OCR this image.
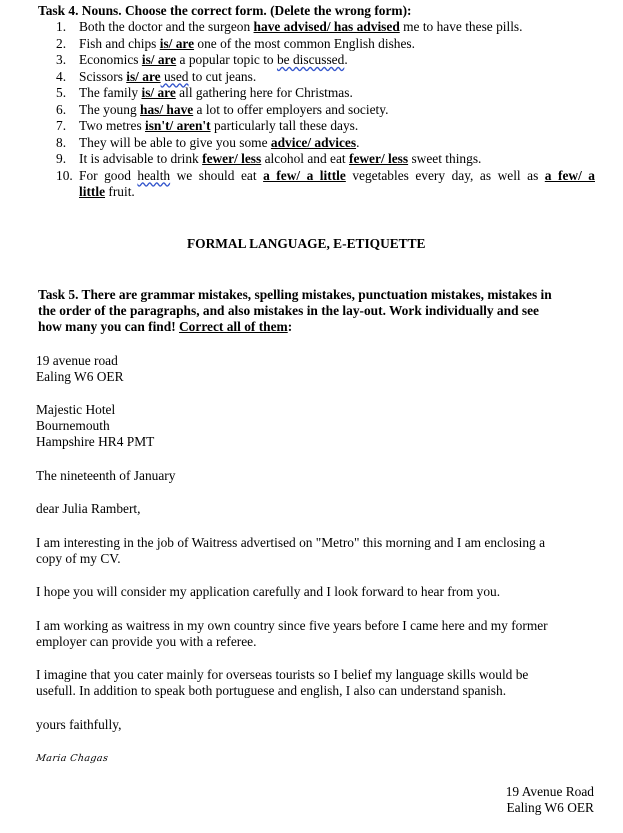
Task 4. Nouns. Choose the correct form. (Delete the wrong form):
1. Both the doctor and the surgeon have advised/ has advised me to have these pills.
2. Fish and chips is/ are one of the most common English dishes.
3. Economics is/ are a popular topic to be discussed.
4. Scissors is/ are used to cut jeans.
5. The family is/ are all gathering here for Christmas.
6. The young has/ have a lot to offer employers and society.
7. Two metres isn't/ aren't particularly tall these days.
8. They will be able to give you some advice/ advices.
9. It is advisable to drink fewer/ less alcohol and eat fewer/ less sweet things.
10. For good health we should eat a few/ a little vegetables every day, as well as a few/ a
little fruit.
FORMAL LANGUAGE, E-ETIQUETTE
Task 5. There are grammar mistakes, spelling mistakes, punctuation mistakes, mistakes in
the order of the paragraphs, and also mistakes in the lay-out. Work individually and see
how many you can find! Correct all of them:
19 avenue road
Ealing W6 OER
Majestic Hotel
Bournemouth
Hampshire HR4 PMT
The nineteenth of January
dear Julia Rambert,
I am interesting in the job of Waitress advertised on "Metro" this morning and I am enclosing a
copy of my CV.
I hope you will consider my application carefully and I look forward to hear from you.
I am working as waitress in my own country since five years before I came here and my former
employer can provide you with a referee.
I imagine that you cater mainly for overseas tourists so I belief my language skills would be
usefull. In addition to speak both portuguese and english, I also can understand spanish.
yours faithfully,
Maria Chagas
19 Avenue Road
Ealing W6 OER
